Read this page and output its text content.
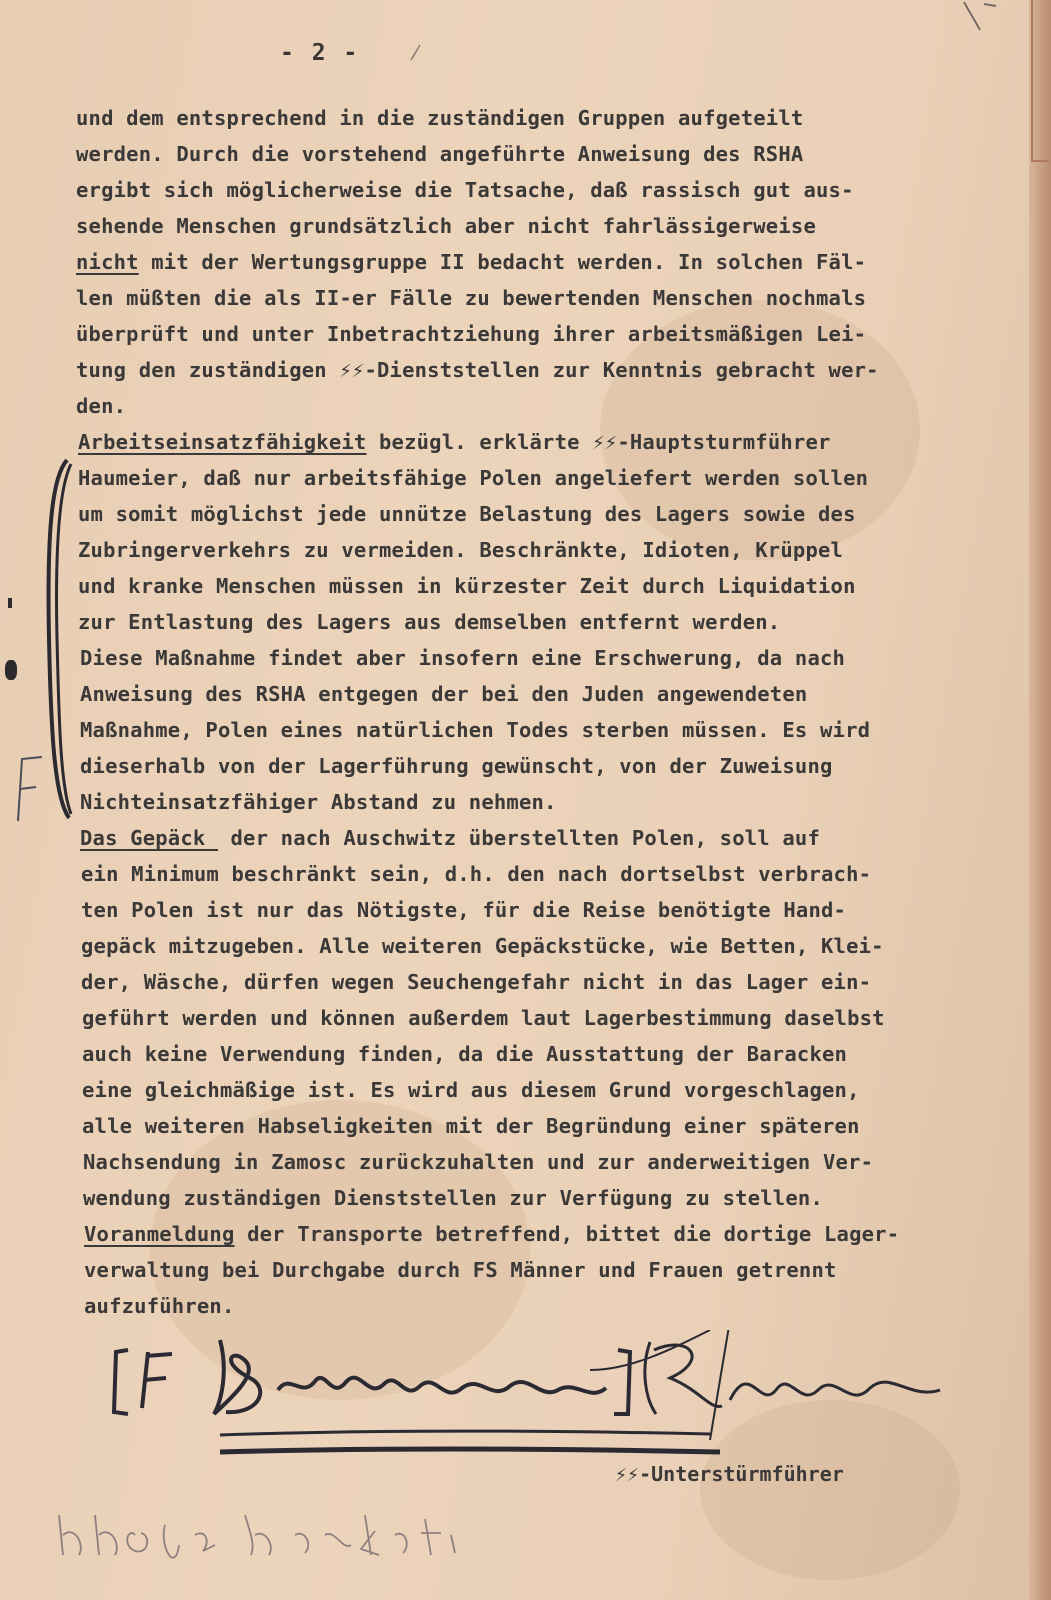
- 2 -
und dem entsprechend in die zuständigen Gruppen aufgeteilt
werden. Durch die vorstehend angeführte Anweisung des RSHA
ergibt sich möglicherweise die Tatsache, daß rassisch gut aus-
sehende Menschen grundsätzlich aber nicht fahrlässigerweise
nicht mit der Wertungsgruppe II bedacht werden. In solchen Fäl-
len müßten die als II-er Fälle zu bewertenden Menschen nochmals
überprüft und unter Inbetrachtziehung ihrer arbeitsmäßigen Lei-
tung den zuständigen ⚡⚡-Dienststellen zur Kenntnis gebracht wer-
den.
Arbeitseinsatzfähigkeit bezügl. erklärte ⚡⚡-Hauptsturmführer
Haumeier, daß nur arbeitsfähige Polen angeliefert werden sollen
um somit möglichst jede unnütze Belastung des Lagers sowie des
Zubringerverkehrs zu vermeiden. Beschränkte, Idioten, Krüppel
und kranke Menschen müssen in kürzester Zeit durch Liquidation
zur Entlastung des Lagers aus demselben entfernt werden.
Diese Maßnahme findet aber insofern eine Erschwerung, da nach
Anweisung des RSHA entgegen der bei den Juden angewendeten
Maßnahme, Polen eines natürlichen Todes sterben müssen. Es wird
dieserhalb von der Lagerführung gewünscht, von der Zuweisung
Nichteinsatzfähiger Abstand zu nehmen.
Das Gepäck  der nach Auschwitz überstellten Polen, soll auf
ein Minimum beschränkt sein, d.h. den nach dortselbst verbrach-
ten Polen ist nur das Nötigste, für die Reise benötigte Hand-
gepäck mitzugeben. Alle weiteren Gepäckstücke, wie Betten, Klei-
der, Wäsche, dürfen wegen Seuchengefahr nicht in das Lager ein-
geführt werden und können außerdem laut Lagerbestimmung daselbst
auch keine Verwendung finden, da die Ausstattung der Baracken
eine gleichmäßige ist. Es wird aus diesem Grund vorgeschlagen,
alle weiteren Habseligkeiten mit der Begründung einer späteren
Nachsendung in Zamosc zurückzuhalten und zur anderweitigen Ver-
wendung zuständigen Dienststellen zur Verfügung zu stellen.
Voranmeldung der Transporte betreffend, bittet die dortige Lager-
verwaltung bei Durchgabe durch FS Männer und Frauen getrennt
aufzuführen.
⚡⚡-Unterstürmführer
